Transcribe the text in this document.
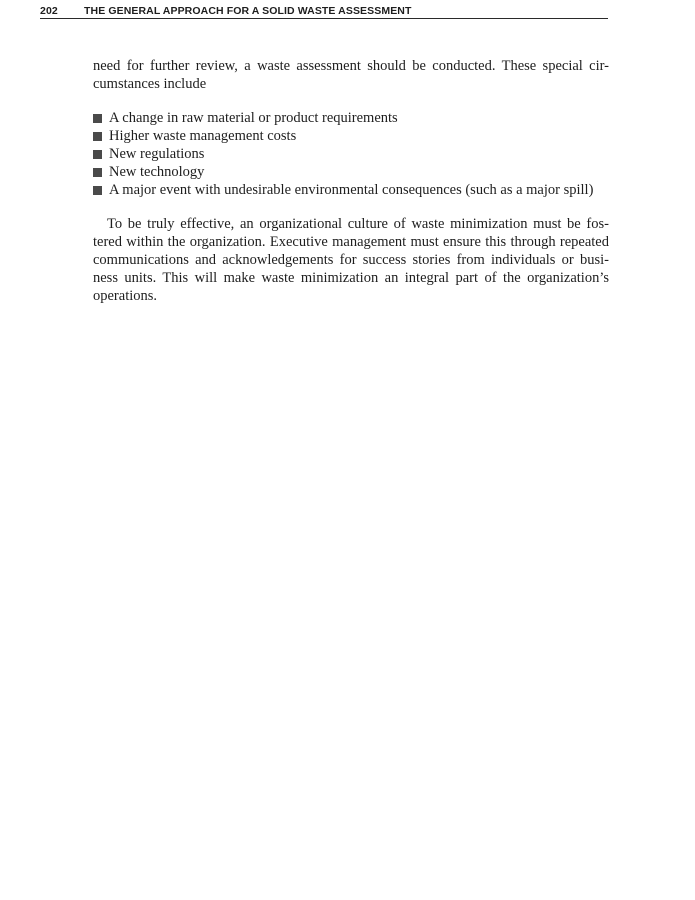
202 THE GENERAL APPROACH FOR A SOLID WASTE ASSESSMENT
need for further review, a waste assessment should be conducted. These special cir-
cumstances include
A change in raw material or product requirements
Higher waste management costs
New regulations
New technology
A major event with undesirable environmental consequences (such as a major spill)
To be truly effective, an organizational culture of waste minimization must be fos-
tered within the organization. Executive management must ensure this through repeated
communications and acknowledgements for success stories from individuals or busi-
ness units. This will make waste minimization an integral part of the organization’s
operations.
